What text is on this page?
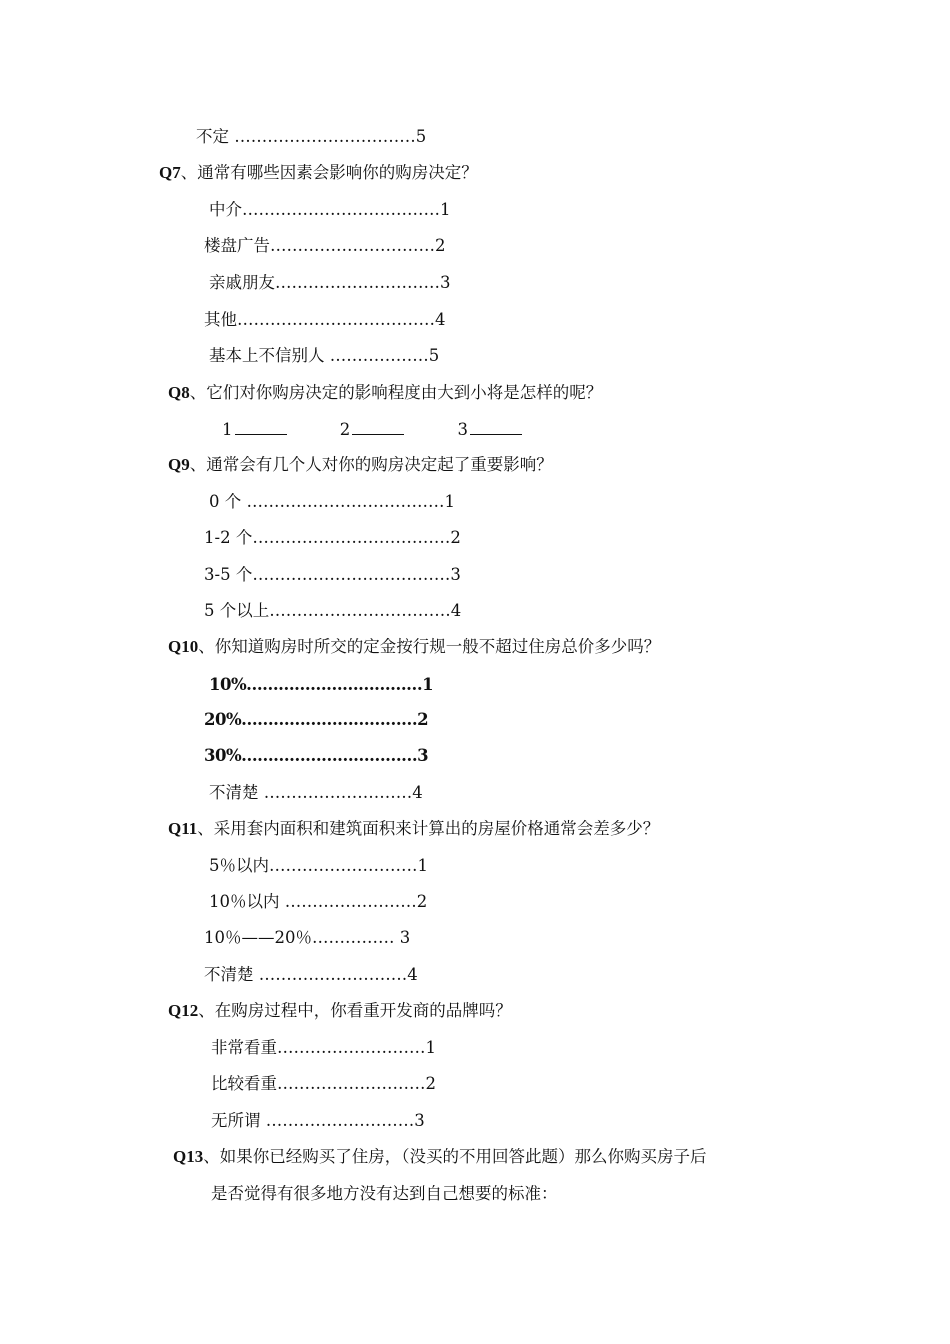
不定 ……………………………5
Q7、通常有哪些因素会影响你的购房决定？
中介………………………………1
楼盘广告…………………………2
亲戚朋友…………………………3
其他………………………………4
基本上不信别人 ………………5
Q8、它们对你购房决定的影响程度由大到小将是怎样的呢？
1	2	3
Q9、通常会有几个人对你的购房决定起了重要影响？
0 个 ………………………………1
1-2 个………………………………2
3-5 个………………………………3
5 个以上……………………………4
Q10、你知道购房时所交的定金按行规一般不超过住房总价多少吗？
10%……………………………1
20%……………………………2
30%……………………………3
不清楚 ………………………4
Q11、采用套内面积和建筑面积来计算出的房屋价格通常会差多少？
5％以内………………………1
10％以内 ……………………2
10％——20％…………… 3
不清楚 ………………………4
Q12、在购房过程中，你看重开发商的品牌吗？
非常看重………………………1
比较看重………………………2
无所谓 ………………………3
Q13、如果你已经购买了住房，（没买的不用回答此题）那么你购买房子后
是否觉得有很多地方没有达到自己想要的标准：
